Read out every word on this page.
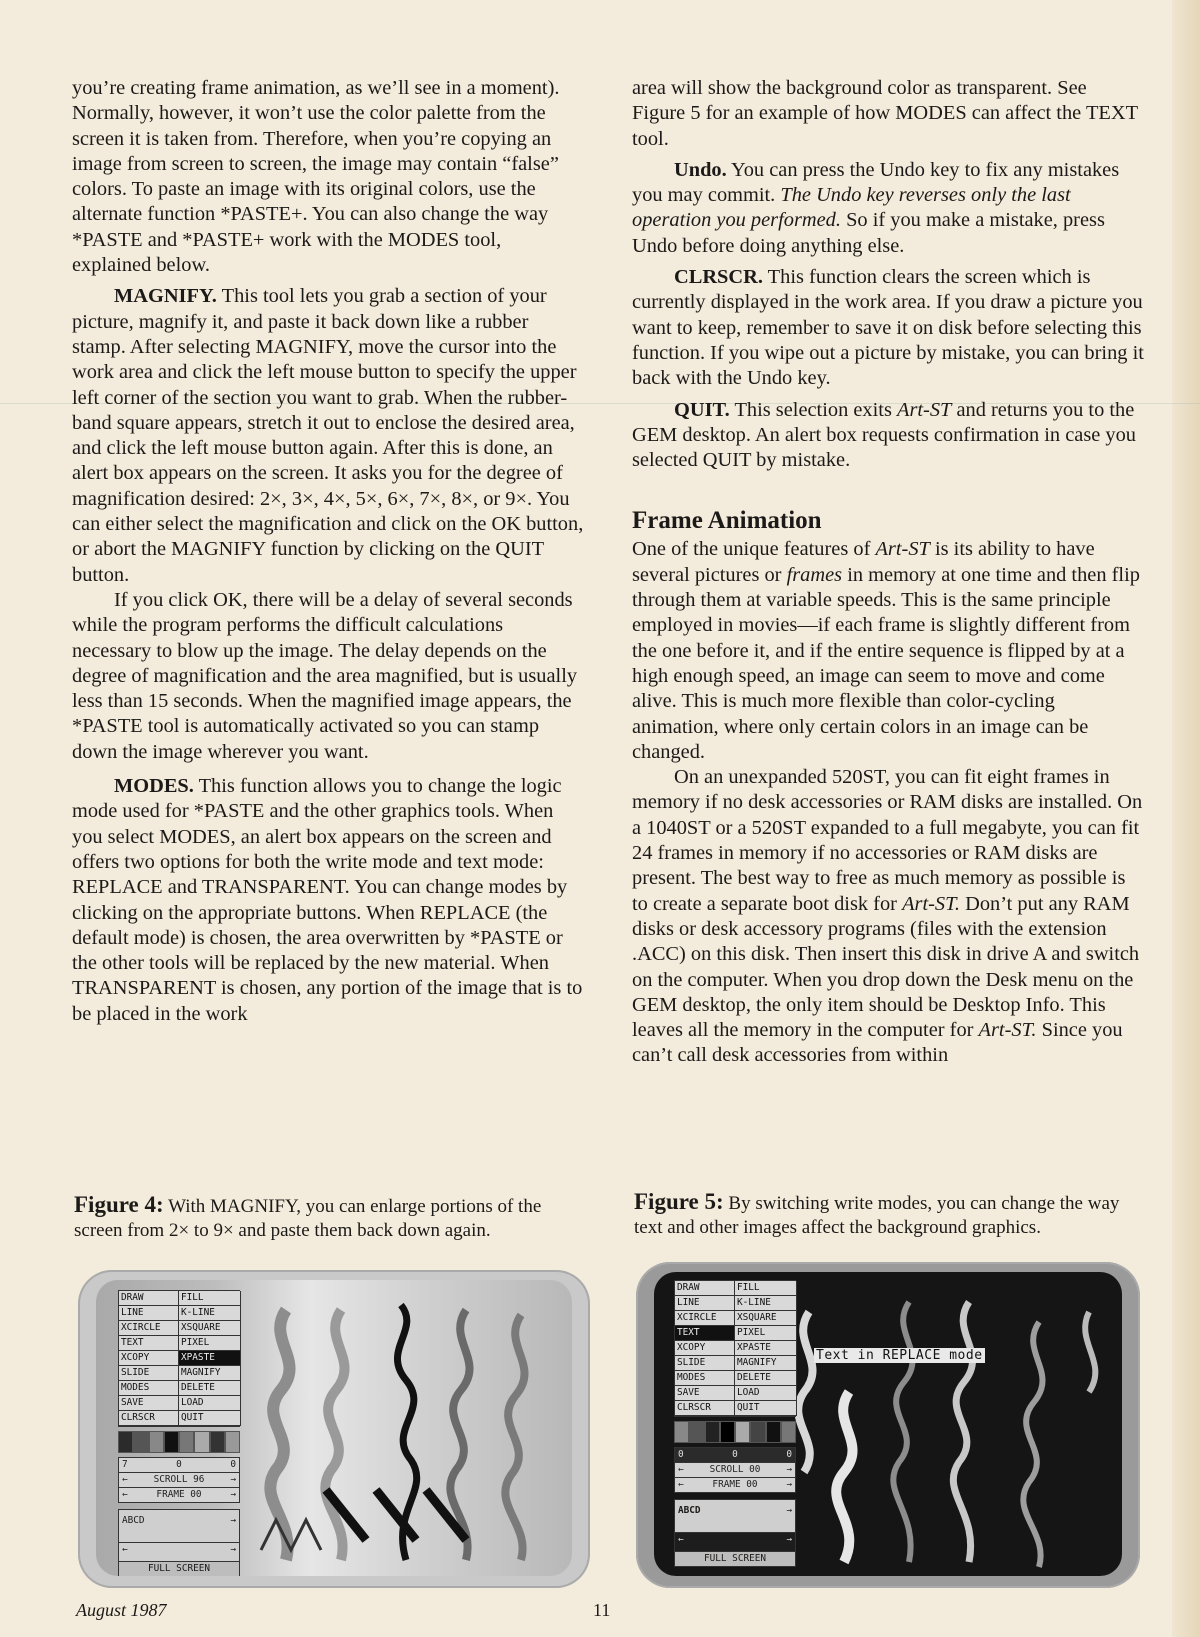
you’re creating frame animation, as we’ll see in a moment). Normally, however, it won’t use the color palette from the screen it is taken from. Therefore, when you’re copying an image from screen to screen, the image may contain “false” colors. To paste an image with its original colors, use the alternate function *PASTE+. You can also change the way *PASTE and *PASTE+ work with the MODES tool, explained below.

MAGNIFY. This tool lets you grab a section of your picture, magnify it, and paste it back down like a rubber stamp. After selecting MAGNIFY, move the cursor into the work area and click the left mouse button to specify the upper left corner of the section you want to grab. When the rubber-band square appears, stretch it out to enclose the desired area, and click the left mouse button again. After this is done, an alert box appears on the screen. It asks you for the degree of magnification desired: 2×, 3×, 4×, 5×, 6×, 7×, 8×, or 9×. You can either select the magnification and click on the OK button, or abort the MAGNIFY function by clicking on the QUIT button.

If you click OK, there will be a delay of several seconds while the program performs the difficult calculations necessary to blow up the image. The delay depends on the degree of magnification and the area magnified, but is usually less than 15 seconds. When the magnified image appears, the *PASTE tool is automatically activated so you can stamp down the image wherever you want.

MODES. This function allows you to change the logic mode used for *PASTE and the other graphics tools. When you select MODES, an alert box appears on the screen and offers two options for both the write mode and text mode: REPLACE and TRANSPARENT. You can change modes by clicking on the appropriate buttons. When REPLACE (the default mode) is chosen, the area overwritten by *PASTE or the other tools will be replaced by the new material. When TRANSPARENT is chosen, any portion of the image that is to be placed in the work

area will show the background color as transparent. See Figure 5 for an example of how MODES can affect the TEXT tool.

Undo. You can press the Undo key to fix any mistakes you may commit. The Undo key reverses only the last operation you performed. So if you make a mistake, press Undo before doing anything else.

CLRSCR. This function clears the screen which is currently displayed in the work area. If you draw a picture you want to keep, remember to save it on disk before selecting this function. If you wipe out a picture by mistake, you can bring it back with the Undo key.

QUIT. This selection exits Art-ST and returns you to the GEM desktop. An alert box requests confirmation in case you selected QUIT by mistake.

Frame Animation

One of the unique features of Art-ST is its ability to have several pictures or frames in memory at one time and then flip through them at variable speeds. This is the same principle employed in movies—if each frame is slightly different from the one before it, and if the entire sequence is flipped by at a high enough speed, an image can seem to move and come alive. This is much more flexible than color-cycling animation, where only certain colors in an image can be changed.

On an unexpanded 520ST, you can fit eight frames in memory if no desk accessories or RAM disks are installed. On a 1040ST or a 520ST expanded to a full megabyte, you can fit 24 frames in memory if no accessories or RAM disks are present. The best way to free as much memory as possible is to create a separate boot disk for Art-ST. Don’t put any RAM disks or desk accessory programs (files with the extension .ACC) on this disk. Then insert this disk in drive A and switch on the computer. When you drop down the Desk menu on the GEM desktop, the only item should be Desktop Info. This leaves all the memory in the computer for Art-ST. Since you can’t call desk accessories from within

Figure 4: With MAGNIFY, you can enlarge portions of the screen from 2× to 9× and paste them back down again.
Figure 5: By switching write modes, you can change the way text and other images affect the background graphics.
DRAW	FILL
LINE	K-LINE
XCIRCLE	XSQUARE
TEXT	PIXEL
XCOPY	XPASTE
SLIDE	MAGNIFY
MODES	DELETE
SAVE	LOAD
CLRSCR	QUIT
7	0	0
←	SCROLL 96	→
←	FRAME 00	→
ABCD	→
←	→
FULL SCREEN
Text in REPLACE mode
DRAW	FILL
LINE	K-LINE
XCIRCLE	XSQUARE
TEXT	PIXEL
XCOPY	XPASTE
SLIDE	MAGNIFY
MODES	DELETE
SAVE	LOAD
CLRSCR	QUIT
0	0	0
←	SCROLL 00	→
←	FRAME 00	→
ABCD	→
←	→
FULL SCREEN
August 1987	11
